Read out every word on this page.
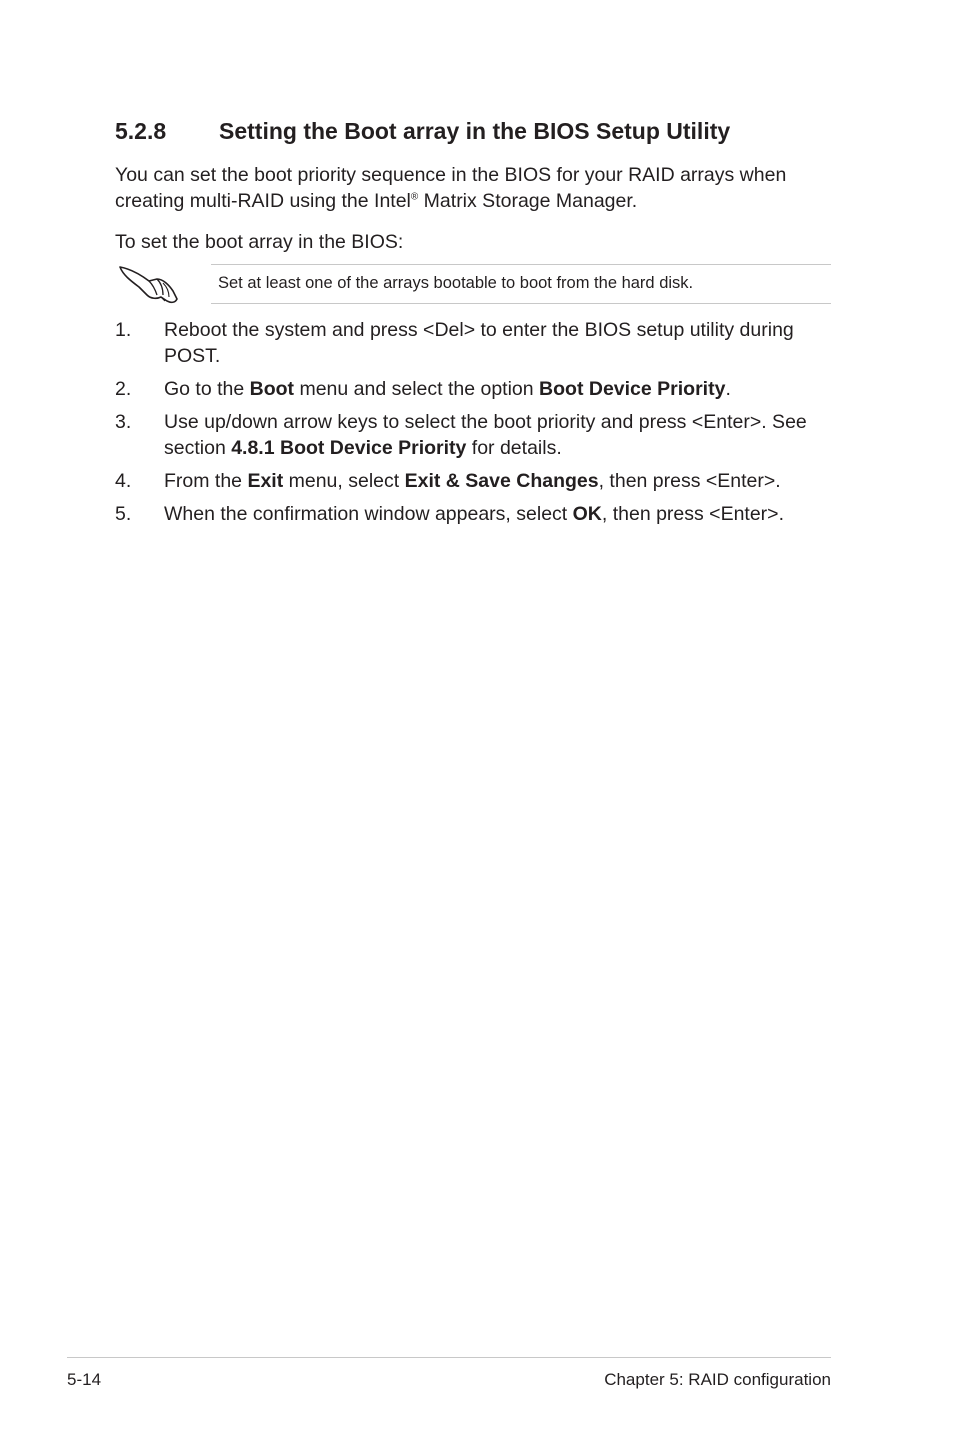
5.2.8 Setting the Boot array in the BIOS Setup Utility

You can set the boot priority sequence in the BIOS for your RAID arrays when creating multi-RAID using the Intel® Matrix Storage Manager.

To set the boot array in the BIOS:

Set at least one of the arrays bootable to boot from the hard disk.
1. Reboot the system and press <Del> to enter the BIOS setup utility during POST.
2. Go to the Boot menu and select the option Boot Device Priority.
3. Use up/down arrow keys to select the boot priority and press <Enter>. See section 4.8.1 Boot Device Priority for details.
4. From the Exit menu, select Exit & Save Changes, then press <Enter>.
5. When the confirmation window appears, select OK, then press <Enter>.
5-14	Chapter 5: RAID configuration
